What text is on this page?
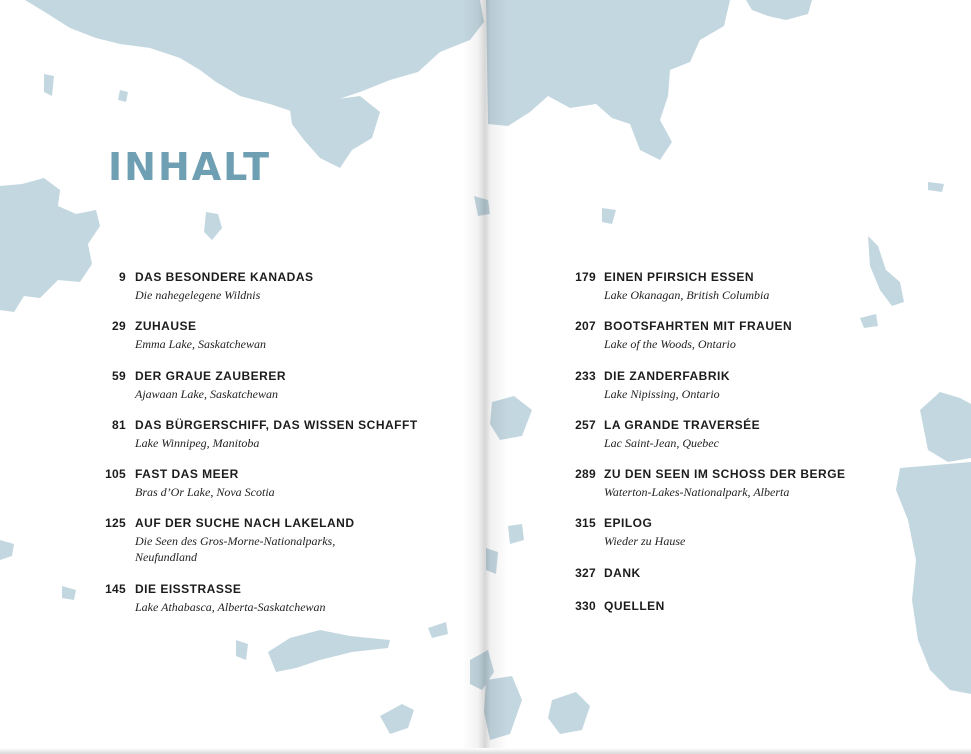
INHALT
9 DAS BESONDERE KANADAS
Die nahegelegene Wildnis
29 ZUHAUSE
Emma Lake, Saskatchewan
59 DER GRAUE ZAUBERER
Ajawaan Lake, Saskatchewan
81 DAS BÜRGERSCHIFF, DAS WISSEN SCHAFFT
Lake Winnipeg, Manitoba
105 FAST DAS MEER
Bras d’Or Lake, Nova Scotia
125 AUF DER SUCHE NACH LAKELAND
Die Seen des Gros-Morne-Nationalparks, Neufundland
145 DIE EISSTRASSE
Lake Athabasca, Alberta-Saskatchewan
179 EINEN PFIRSICH ESSEN
Lake Okanagan, British Columbia
207 BOOTSFAHRTEN MIT FRAUEN
Lake of the Woods, Ontario
233 DIE ZANDERFABRIK
Lake Nipissing, Ontario
257 LA GRANDE TRAVERSÉE
Lac Saint-Jean, Quebec
289 ZU DEN SEEN IM SCHOSS DER BERGE
Waterton-Lakes-Nationalpark, Alberta
315 EPILOG
Wieder zu Hause
327 DANK
330 QUELLEN
